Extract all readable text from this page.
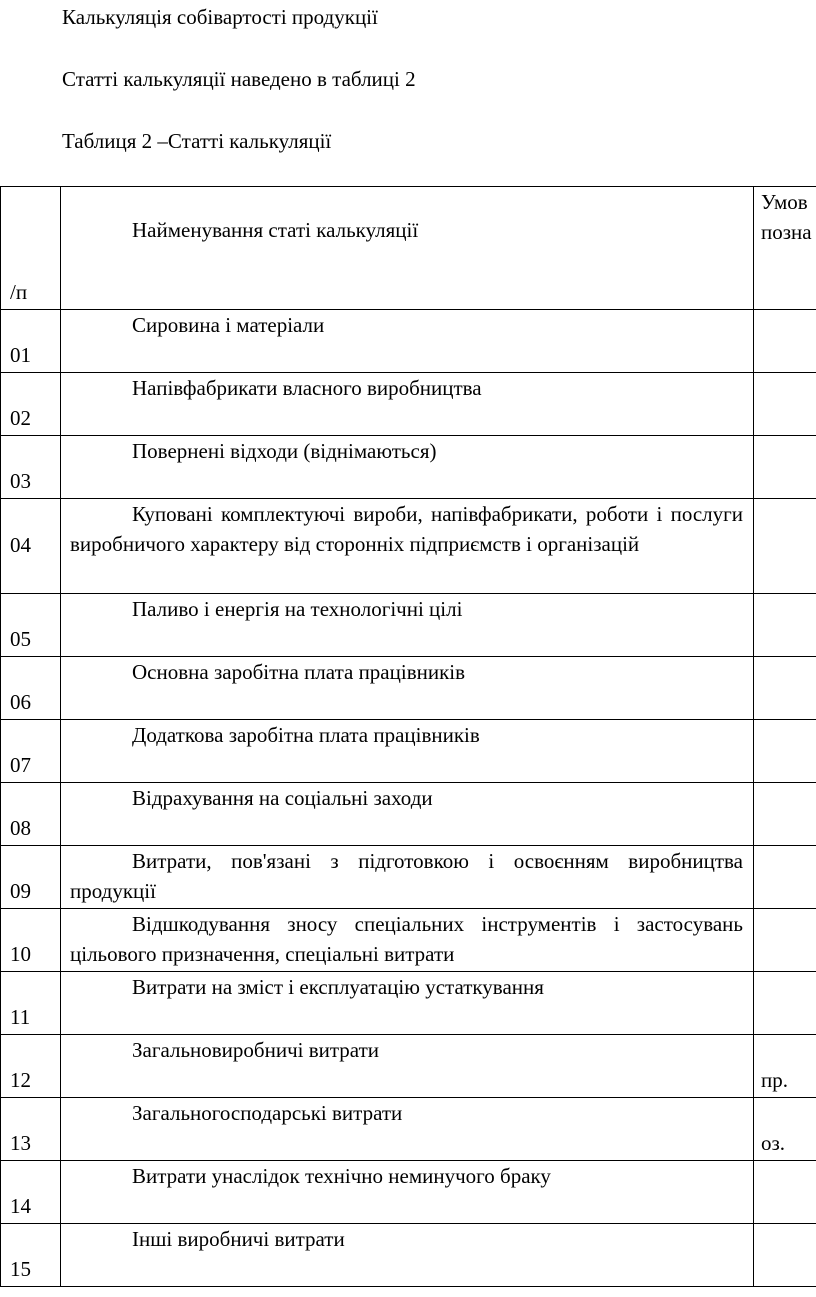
Калькуляція собівартості продукції
Статті калькуляції наведено в таблиці 2
Таблиця 2 –Статті калькуляції
/п	Найменування статі калькуляції	Умов
позна

01	Сировина і матеріали	

02	Напівфабрикати власного виробництва	

03	Повернені відходи (віднімаються)	

04	Куповані комплектуючі вироби, напівфабрикати, роботи і послуги виробничого характеру від сторонніх підприємств і організацій	

05	Паливо і енергія на технологічні цілі	

06	Основна заробітна плата працівників	

07	Додаткова заробітна плата працівників	

08	Відрахування на соціальні заходи	

09	Витрати, пов'язані з підготовкою і освоєнням виробництва продукції	

10	Відшкодування зносу спеціальних інструментів і застосувань цільового призначення, спеціальні витрати	

11	Витрати на зміст і експлуатацію устаткування	

12	Загальновиробничі витрати	пр.

13	Загальногосподарські витрати	оз.

14	Витрати унаслідок технічно неминучого браку	

15	Інші виробничі витрати	
